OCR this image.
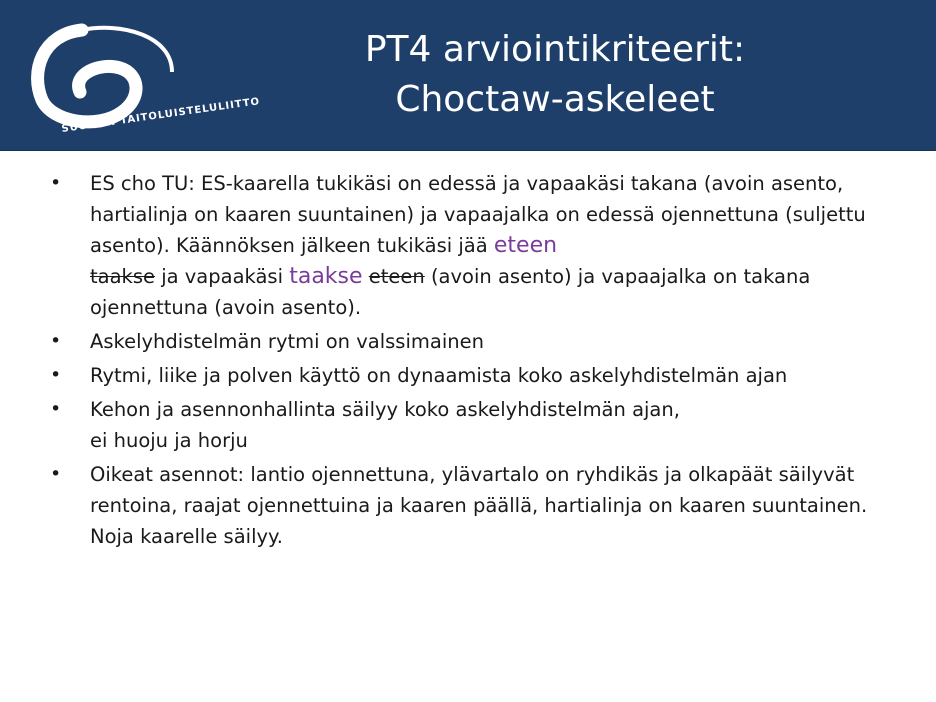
SUOMEN TAITOLUISTELULIITTO
PT4 arviointikriteerit:
Choctaw-askeleet
• ES cho TU: ES-kaarella tukikäsi on edessä ja vapaakäsi takana (avoin asento, hartialinja on kaaren suuntainen) ja vapaajalka on edessä ojennettuna (suljettu asento). Käännöksen jälkeen tukikäsi jää eteen
taakse ja vapaakäsi taakse eteen (avoin asento) ja vapaajalka on takana ojennettuna (avoin asento).
• Askelyhdistelmän rytmi on valssimainen
• Rytmi, liike ja polven käyttö on dynaamista koko askelyhdistelmän ajan
• Kehon ja asennonhallinta säilyy koko askelyhdistelmän ajan,
ei huoju ja horju
• Oikeat asennot: lantio ojennettuna, ylävartalo on ryhdikäs ja olkapäät säilyvät rentoina, raajat ojennettuina ja kaaren päällä, hartialinja on kaaren suuntainen. Noja kaarelle säilyy.
